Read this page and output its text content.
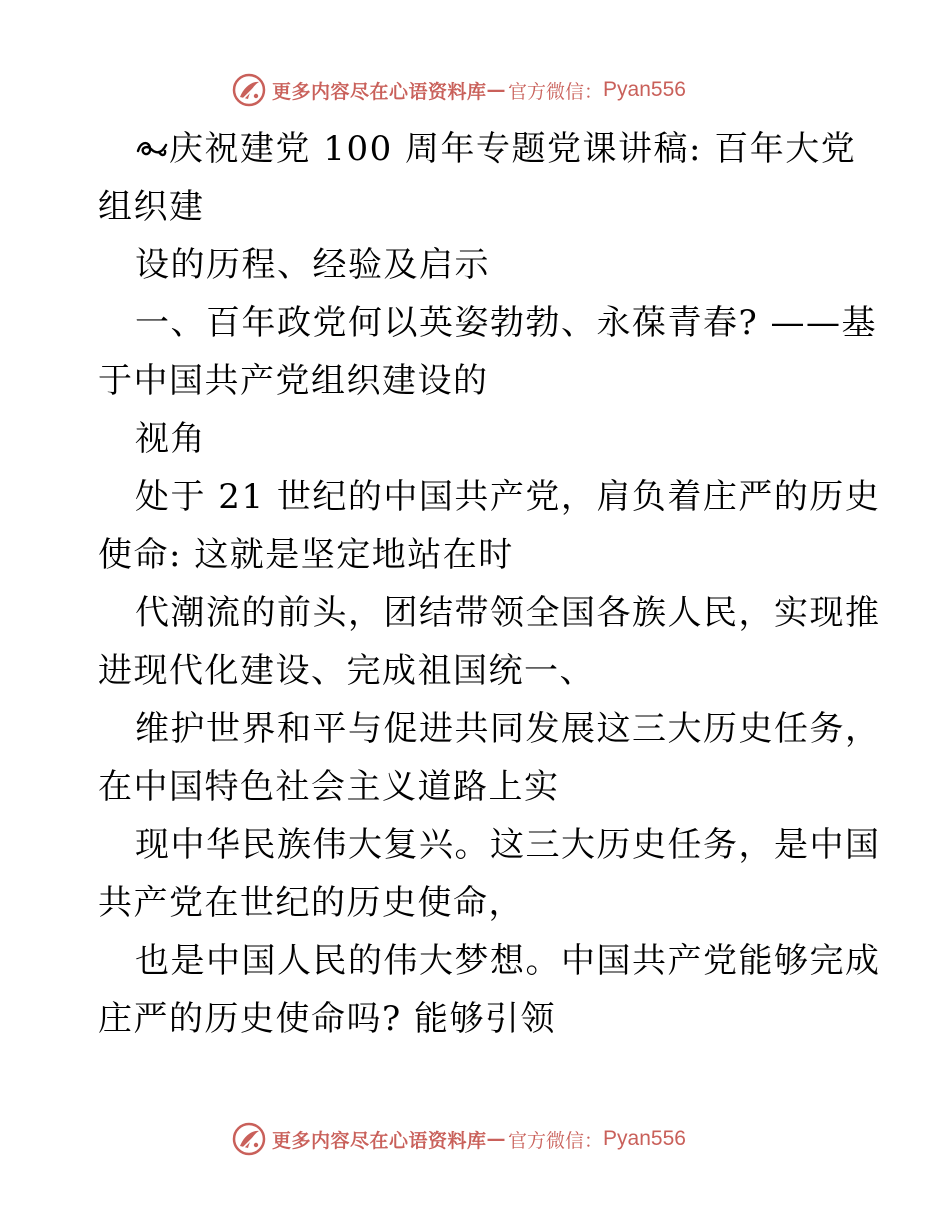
更多内容尽在心语资料库 — 官方微信： Pyan556
庆祝建党 100 周年专题党课讲稿: 百年大党
组织建
设的历程、经验及启示
一、百年政党何以英姿勃勃、永葆青春? ——基
于中国共产党组织建设的
视角
处于 21 世纪的中国共产党，肩负着庄严的历史
使命: 这就是坚定地站在时
代潮流的前头，团结带领全国各族人民，实现推
进现代化建设、完成祖国统一、
维护世界和平与促进共同发展这三大历史任务，
在中国特色社会主义道路上实
现中华民族伟大复兴。这三大历史任务，是中国
共产党在世纪的历史使命，
也是中国人民的伟大梦想。中国共产党能够完成
庄严的历史使命吗? 能够引领
更多内容尽在心语资料库 — 官方微信： Pyan556
